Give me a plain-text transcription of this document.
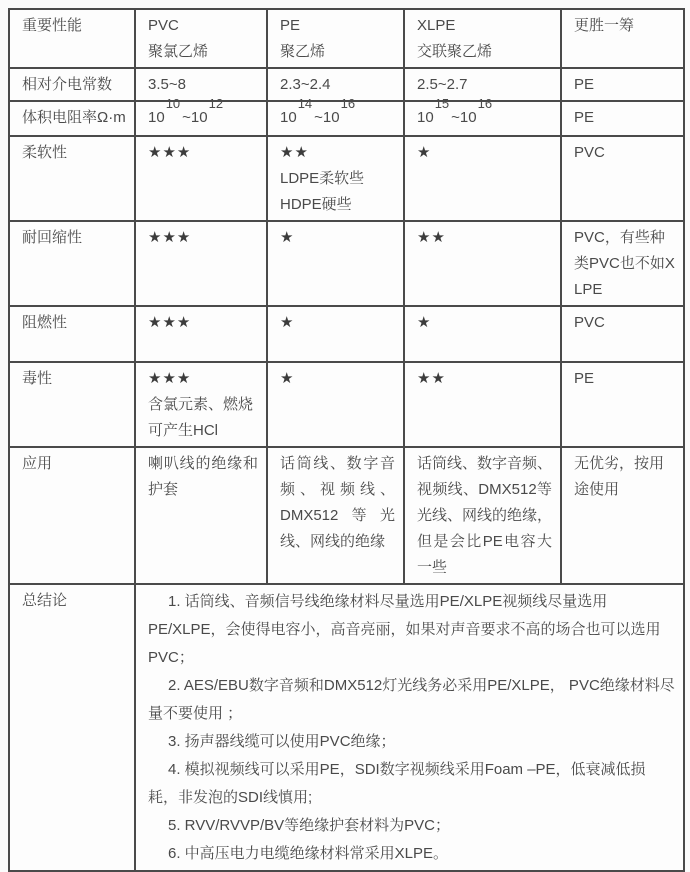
重要性能	PVC
聚氯乙烯

PE
聚乙烯

XLPE
交联聚乙烯

更胜一筹

相对介电常数	3.5~8	2.3~2.4	2.5~2.7	PE
体积电阻率Ω·m	$10^{10}\sim 10^{12}$	$10^{14}\sim 10^{16}$	$10^{15}\sim 10^{16}$	PE
柔软性	★★★	★★
LDPE柔软些
HDPE硬些	★	PVC
耐回缩性	★★★	★	★★	PVC，有些种类PVC也不如XLPE
阻燃性	★★★	★	★	PVC
毒性	★★★
含氯元素、燃烧可产生HCl	★	★★	PE
应用	喇叭线的绝缘和护套	话筒线、数字音频、视频线、DMX512等光线、网线的绝缘	话筒线、数字音频、视频线、DMX512等光线、网线的绝缘，但是会比PE电容大一些	无优劣，按用途使用
总结论	1. 话筒线、音频信号线绝缘材料尽量选用PE/XLPE视频线尽量选用PE/XLPE，会使得电容小，高音亮丽，如果对声音要求不高的场合也可以选用PVC；

2. AES/EBU数字音频和DMX512灯光线务必采用PE/XLPE， PVC绝缘材料尽量不要使用 ；

3. 扬声器线缆可以使用PVC绝缘；

4. 模拟视频线可以采用PE，SDI数字视频线采用Foam –PE，低衰减低损耗，非发泡的SDI线慎用;

5. RVV/RVVP/BV等绝缘护套材料为PVC；

6. 中高压电力电缆绝缘材料常采用XLPE。
